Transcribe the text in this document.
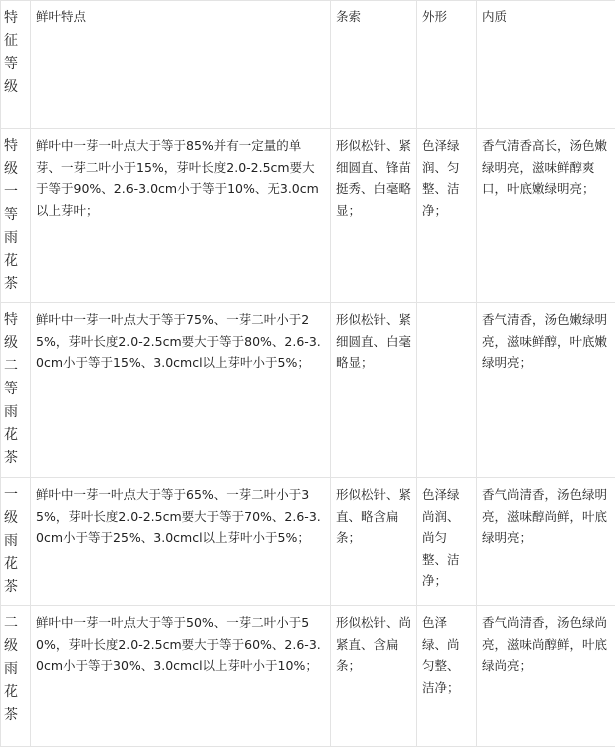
特征等级	鲜叶特点	条索	外形	内质

特级一等雨花茶	鲜叶中一芽一叶点大于等于85%并有一定量的单芽、一芽二叶小于15%，芽叶长度2.0-2.5cm要大于等于90%、2.6-3.0cm小于等于10%、无3.0cm以上芽叶；	形似松针、紧细圆直、锋苗挺秀、白毫略显；	色泽绿润、匀整、洁净；	香气清香高长，汤色嫩绿明亮，滋味鲜醇爽口，叶底嫩绿明亮；

特级二等雨花茶	鲜叶中一芽一叶点大于等于75%、一芽二叶小于25%，芽叶长度2.0-2.5cm要大于等于80%、2.6-3.0cm小于等于15%、3.0cmcl以上芽叶小于5%；	形似松针、紧细圆直、白毫略显；		香气清香，汤色嫩绿明亮，滋味鲜醇，叶底嫩绿明亮；

一级雨花茶	鲜叶中一芽一叶点大于等于65%、一芽二叶小于35%，芽叶长度2.0-2.5cm要大于等于70%、2.6-3.0cm小于等于25%、3.0cmcl以上芽叶小于5%；	形似松针、紧直、略含扁条；	色泽绿尚润、尚匀整、洁净；	香气尚清香，汤色绿明亮，滋味醇尚鲜，叶底绿明亮；

二级雨花茶	鲜叶中一芽一叶点大于等于50%、一芽二叶小于50%，芽叶长度2.0-2.5cm要大于等于60%、2.6-3.0cm小于等于30%、3.0cmcl以上芽叶小于10%；	形似松针、尚紧直、含扁条；	色泽绿、尚匀整、洁净；	香气尚清香，汤色绿尚亮，滋味尚醇鲜，叶底绿尚亮；
